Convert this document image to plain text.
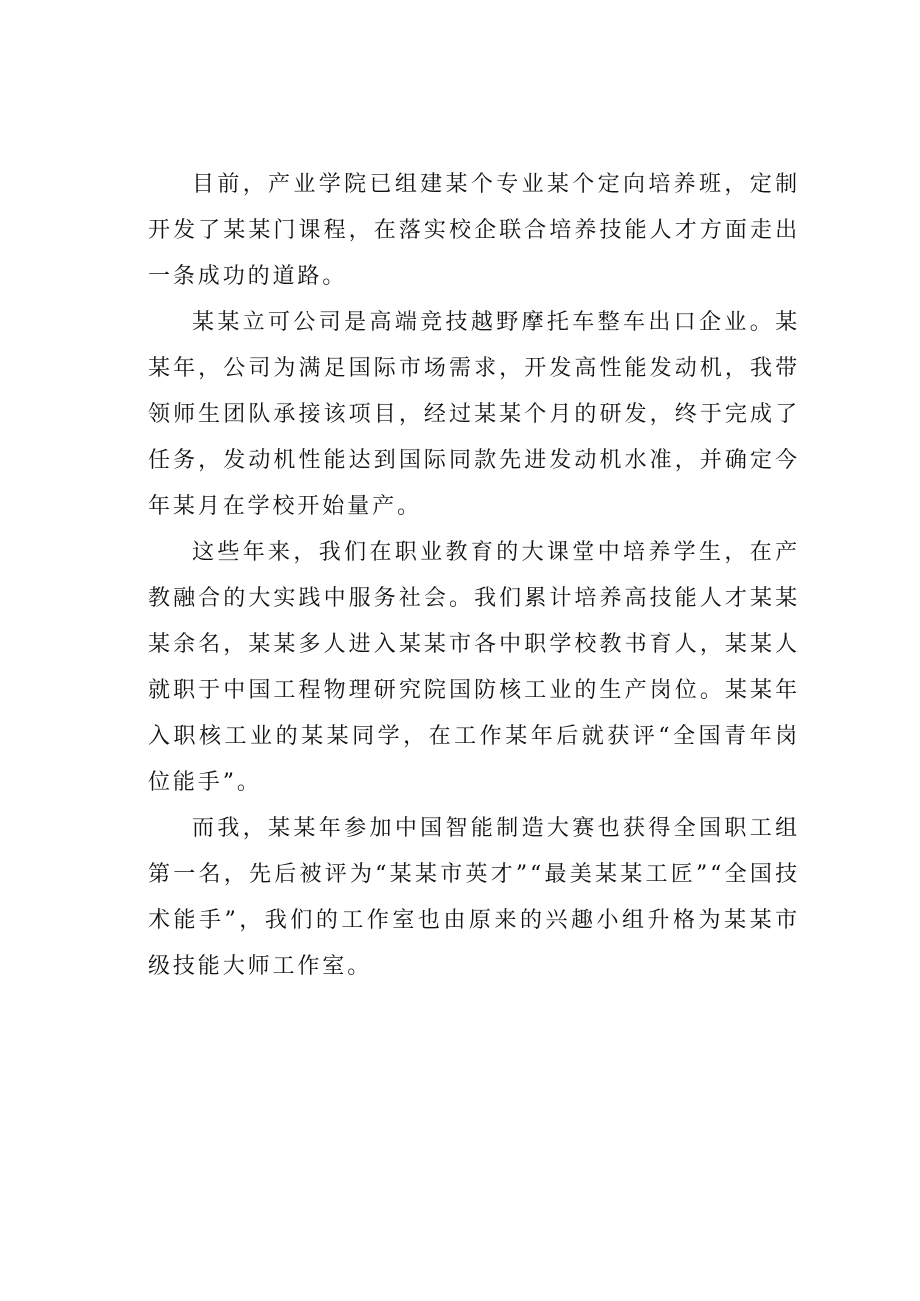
目前，产业学院已组建某个专业某个定向培养班，定制开发了某某门课程，在落实校企联合培养技能人才方面走出一条成功的道路。

某某立可公司是高端竞技越野摩托车整车出口企业。某某年，公司为满足国际市场需求，开发高性能发动机，我带领师生团队承接该项目，经过某某个月的研发，终于完成了任务，发动机性能达到国际同款先进发动机水准，并确定今年某月在学校开始量产。

这些年来，我们在职业教育的大课堂中培养学生，在产教融合的大实践中服务社会。我们累计培养高技能人才某某某余名，某某多人进入某某市各中职学校教书育人，某某人就职于中国工程物理研究院国防核工业的生产岗位。某某年入职核工业的某某同学，在工作某年后就获评“全国青年岗位能手”。

而我，某某年参加中国智能制造大赛也获得全国职工组第一名，先后被评为“某某市英才”“最美某某工匠”“全国技术能手”，我们的工作室也由原来的兴趣小组升格为某某市级技能大师工作室。
